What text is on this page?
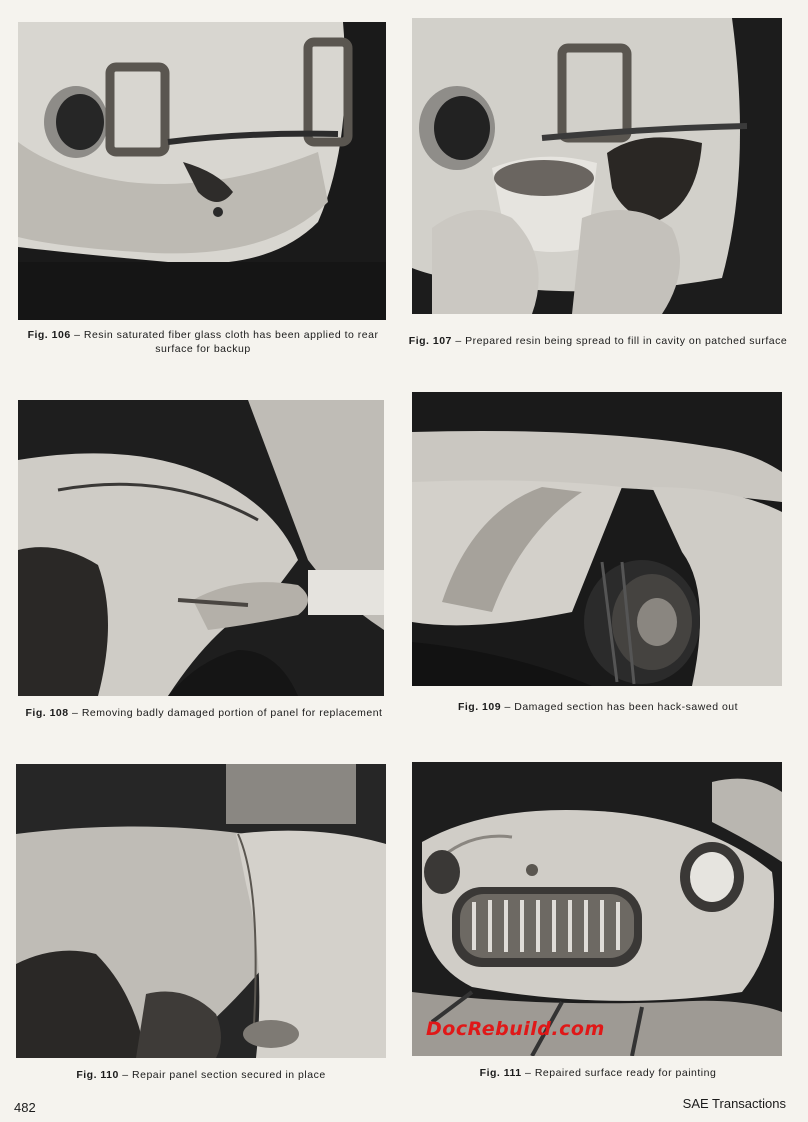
Fig. 106 – Resin saturated fiber glass cloth has been applied to rear surface for backup
Fig. 107 – Prepared resin being spread to fill in cavity on patched surface
Fig. 108 – Removing badly damaged portion of panel for replacement	Fig. 109 – Damaged section has been hack-sawed out
Fig. 110 – Repair panel section secured in place	Fig. 111 – Repaired surface ready for painting
DocRebuild.com
482	SAE Transactions
